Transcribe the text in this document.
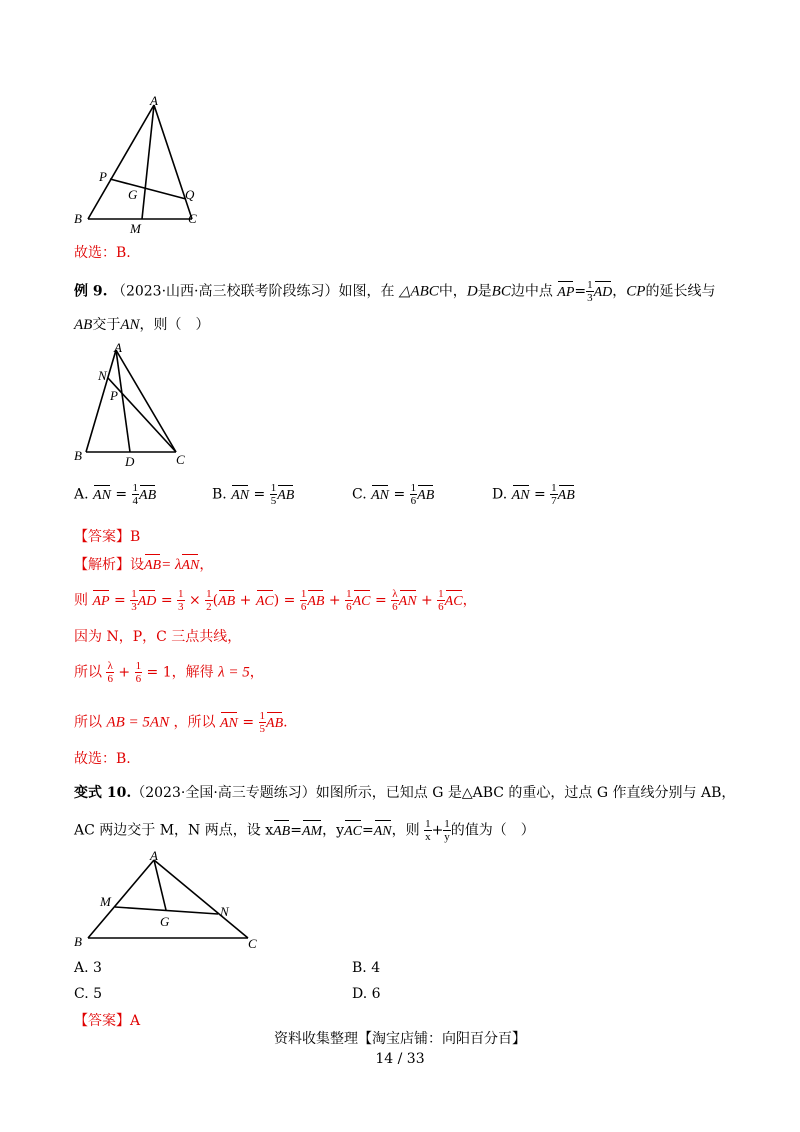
A
P
G	Q
B
M
C
故选：B.
例 9. （2023·山西·高三校联考阶段练习）如图，在 △ABC中，D是BC边中点 $AP= \frac{1}{3}$ AD，CP的延长线与
AB交于AN，则（　）
A
N
P
B	D	C
A. AN = $\frac{1}{4}$ AB	B. AN = $\frac{1}{5}$ AB	C. AN = $\frac{1}{6}$ AB	D. AN = $\frac{1}{7}$ AB
【答案】B
【解析】设AB= λAN，
则 AP = $\frac{1}{3}$ AD = $\frac{1}{3} \times \frac{1}{2} (AB + AC) = \frac{1}{6}$ AB + $\frac{1}{6}$ AC = $\frac{\lambda}{6}$ AN + $\frac{1}{6}$ AC，
因为 N，P，C 三点共线，
所以 $\frac{\lambda}{6} + \frac{1}{6} = 1$，解得 λ = 5，
所以 AB = 5AN ，所以 AN = $\frac{1}{5}$ AB.
故选：B.
变式 10.（2023·全国·高三专题练习）如图所示，已知点 G 是△ABC 的重心，过点 G 作直线分别与 AB，
AC 两边交于 M，N 两点，设 xAB=AM，yAC=AN，则 $\frac{1}{x} + \frac{1}{y}$ 的值为（　）
A
M
N
G
B	C
A. 3	B. 4
C. 5	D. 6
【答案】A
资料收集整理【淘宝店铺：向阳百分百】
14 / 33
